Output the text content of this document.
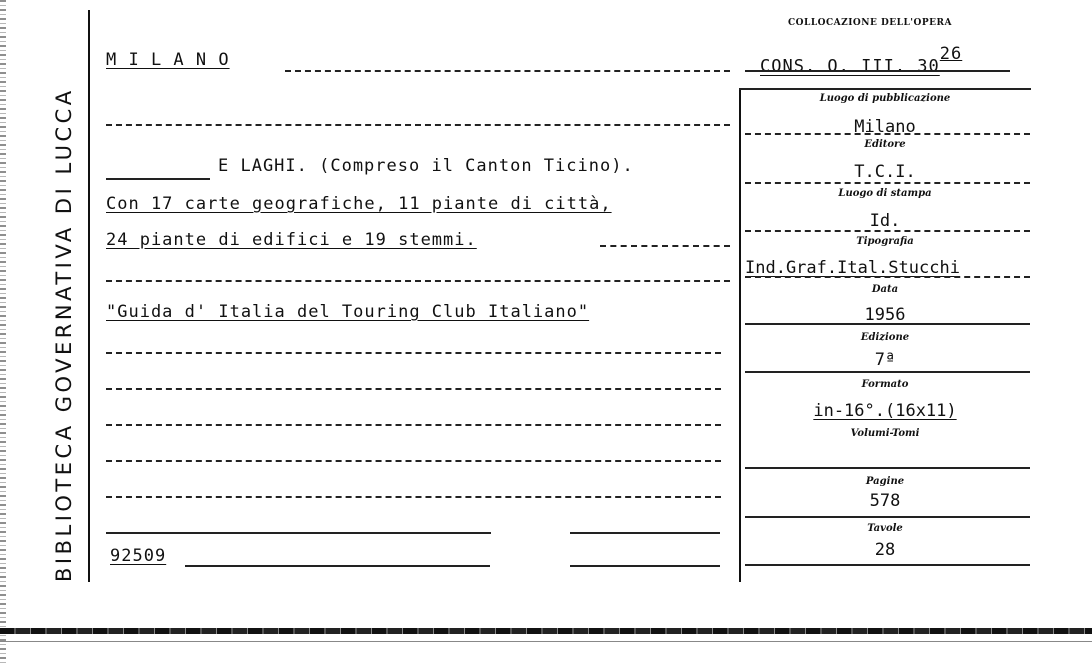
BIBLIOTECA GOVERNATIVA DI LUCCA
COLLOCAZIONE DELL'OPERA
CONS. O. III. $30^{26}$
M I L A N O
E LAGHI. (Compreso il Canton Ticino).
Con 17 carte geografiche, 11 piante di città,
24 piante di edifici e 19 stemmi.
"Guida d' Italia del Touring Club Italiano"
92509
Luogo di pubblicazione
Milano
Editore
T.C.I.
Luogo di stampa
Id.
Tipografia
Ind.Graf.Ital.Stucchi
Data
1956
Edizione
7ª
Formato
in-16°.(16x11)
Volumi-Tomi
Pagine
578
Tavole
28
